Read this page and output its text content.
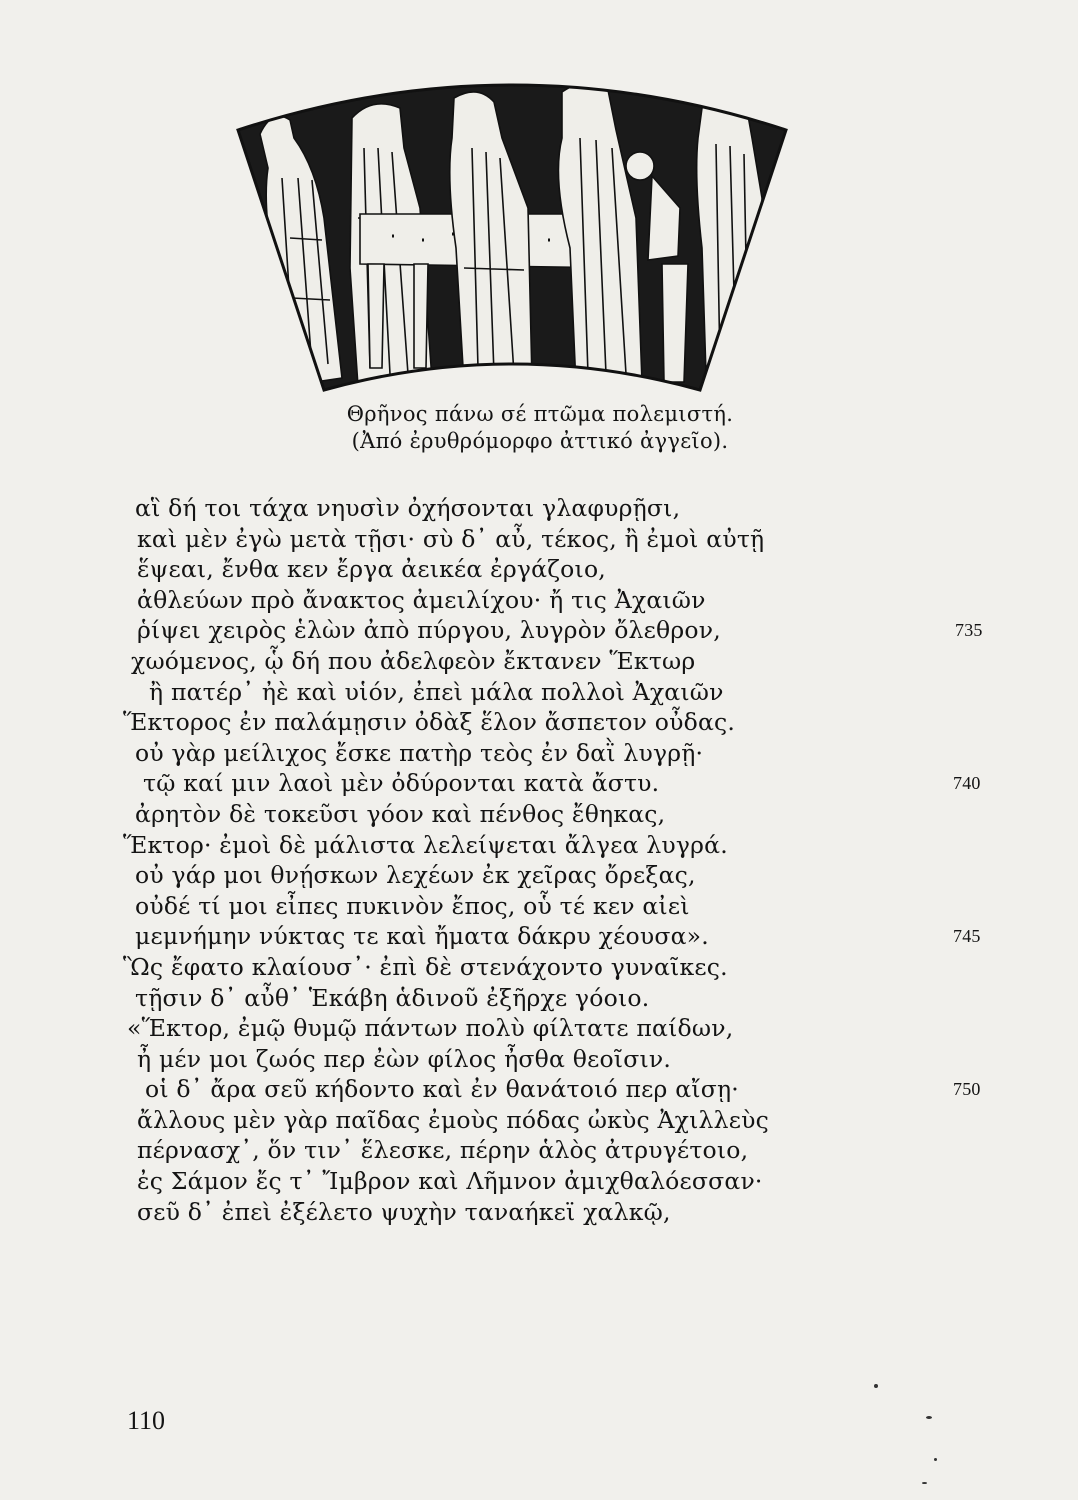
Θρῆνος πάνω σέ πτῶμα πολεμιστή.
(Ἀπό ἐρυθρόμορφο ἀττικό ἀγγεῖο).
αἳ δή τοι τάχα νηυσὶν ὀχήσονται γλαφυρῇσι,
καὶ μὲν ἐγὼ μετὰ τῇσι· σὺ δ᾽ αὖ, τέκος, ἢ ἐμοὶ αὐτῇ
ἕψεαι, ἔνθα κεν ἔργα ἀεικέα ἐργάζοιο,
ἀθλεύων πρὸ ἄνακτος ἀμειλίχου· ἤ τις Ἀχαιῶν
ῥίψει χειρὸς ἑλὼν ἀπὸ πύργου, λυγρὸν ὄλεθρον,	735
χωόμενος, ᾧ δή που ἀδελφεὸν ἔκτανεν Ἕκτωρ
ἢ πατέρ᾽ ἠὲ καὶ υἱόν, ἐπεὶ μάλα πολλοὶ Ἀχαιῶν
Ἕκτορος ἐν παλάμῃσιν ὀδὰξ ἕλον ἄσπετον οὖδας.
οὐ γὰρ μείλιχος ἔσκε πατὴρ τεὸς ἐν δαῒ λυγρῇ·
τῷ καί μιν λαοὶ μὲν ὀδύρονται κατὰ ἄστυ.	740
ἀρητὸν δὲ τοκεῦσι γόον καὶ πένθος ἔθηκας,
Ἕκτορ· ἐμοὶ δὲ μάλιστα λελείψεται ἄλγεα λυγρά.
οὐ γάρ μοι θνῄσκων λεχέων ἐκ χεῖρας ὄρεξας,
οὐδέ τί μοι εἶπες πυκινὸν ἔπος, οὗ τέ κεν αἰεὶ
μεμνήμην νύκτας τε καὶ ἤματα δάκρυ χέουσα».	745
Ὣς ἔφατο κλαίουσ᾽· ἐπὶ δὲ στενάχοντο γυναῖκες.
τῇσιν δ᾽ αὖθ᾽ Ἑκάβη ἁδινοῦ ἐξῆρχε γόοιο.
«Ἕκτορ, ἐμῷ θυμῷ πάντων πολὺ φίλτατε παίδων,
ἦ μέν μοι ζωός περ ἐὼν φίλος ἦσθα θεοῖσιν.
οἱ δ᾽ ἄρα σεῦ κήδοντο καὶ ἐν θανάτοιό περ αἴσῃ·	750
ἄλλους μὲν γὰρ παῖδας ἐμοὺς πόδας ὠκὺς Ἀχιλλεὺς
πέρνασχ᾽, ὅν τιν᾽ ἕλεσκε, πέρην ἁλὸς ἀτρυγέτοιο,
ἐς Σάμον ἔς τ᾽ Ἴμβρον καὶ Λῆμνον ἀμιχθαλόεσσαν·
σεῦ δ᾽ ἐπεὶ ἐξέλετο ψυχὴν ταναήκεϊ χαλκῷ,
110
